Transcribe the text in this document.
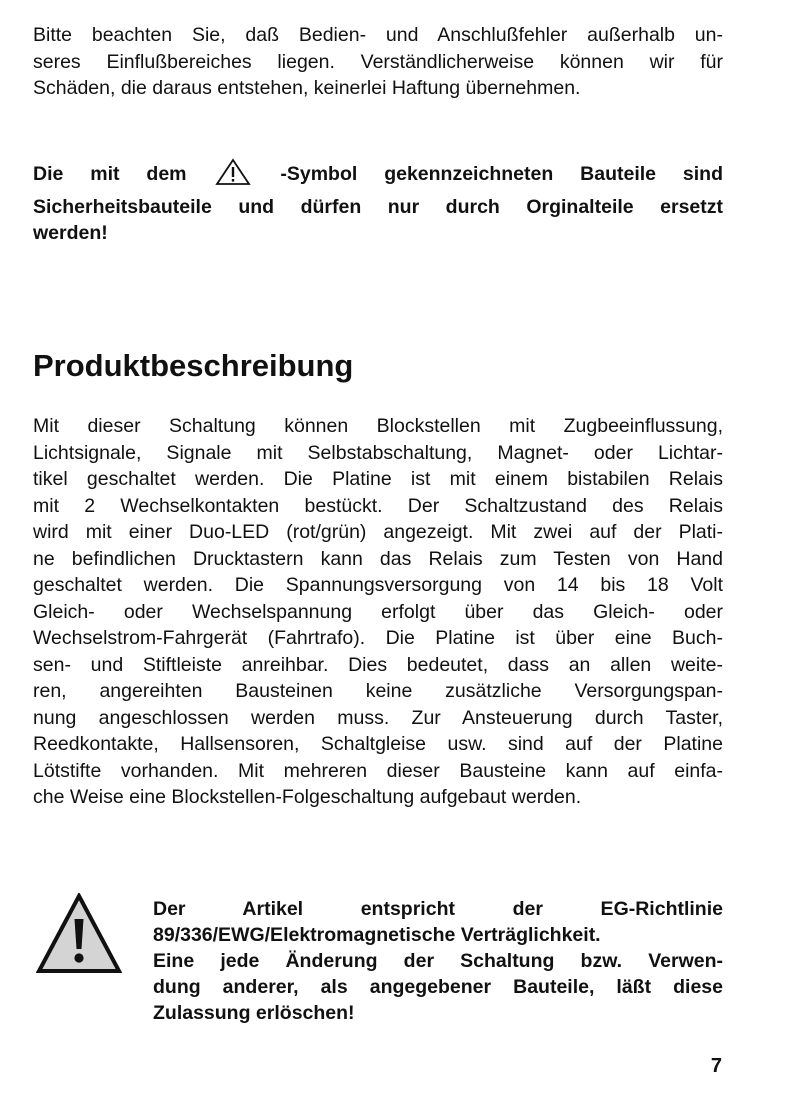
Bitte beachten Sie, daß Bedien- und Anschlußfehler außerhalb un-
seres Einflußbereiches liegen. Verständlicherweise können wir für
Schäden, die daraus entstehen, keinerlei Haftung übernehmen.

Die mit dem	-Symbol gekennzeichneten Bauteile sind
Sicherheitsbauteile und dürfen nur durch Orginalteile ersetzt
werden!

Produktbeschreibung

Mit dieser Schaltung können Blockstellen mit Zugbeeinflussung,
Lichtsignale, Signale mit Selbstabschaltung, Magnet- oder Lichtar-
tikel geschaltet werden. Die Platine ist mit einem bistabilen Relais
mit 2 Wechselkontakten bestückt. Der Schaltzustand des Relais
wird mit einer Duo-LED (rot/grün) angezeigt. Mit zwei auf der Plati-
ne befindlichen Drucktastern kann das Relais zum Testen von Hand
geschaltet werden. Die Spannungsversorgung von 14 bis 18 Volt
Gleich- oder Wechselspannung erfolgt über das Gleich- oder
Wechselstrom-Fahrgerät (Fahrtrafo). Die Platine ist über eine Buch-
sen- und Stiftleiste anreihbar. Dies bedeutet, dass an allen weite-
ren, angereihten Bausteinen keine zusätzliche Versorgungspan-
nung angeschlossen werden muss. Zur Ansteuerung durch Taster,
Reedkontakte, Hallsensoren, Schaltgleise usw. sind auf der Platine
Lötstifte vorhanden. Mit mehreren dieser Bausteine kann auf einfa-
che Weise eine Blockstellen-Folgeschaltung aufgebaut werden.

Der Artikel entspricht der EG-Richtlinie
89/336/EWG/Elektromagnetische Verträglichkeit.
Eine jede Änderung der Schaltung bzw. Verwen-
dung anderer, als angegebener Bauteile, läßt diese
Zulassung erlöschen!
7
